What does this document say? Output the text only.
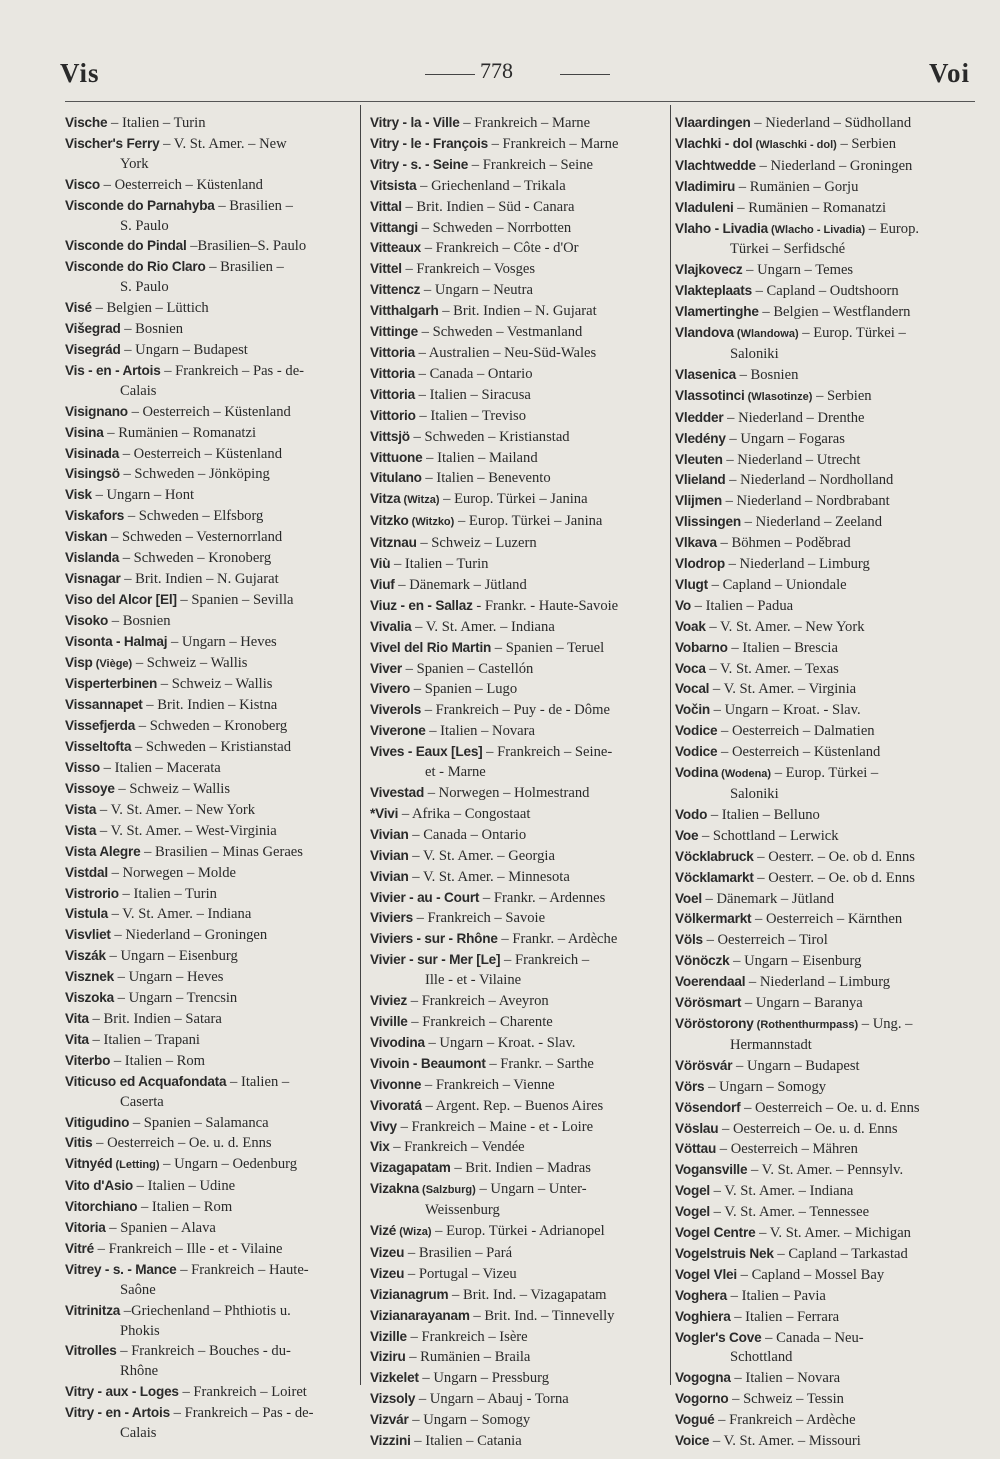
Vis	778	Voi
Vische – Italien – Turin
Vischer's Ferry – V. St. Amer. – New
York
Visco – Oesterreich – Küstenland
Visconde do Parnahyba – Brasilien –
S. Paulo
Visconde do Pindal –Brasilien–S. Paulo
Visconde do Rio Claro – Brasilien –
S. Paulo
Visé – Belgien – Lüttich
Višegrad – Bosnien
Visegrád – Ungarn – Budapest
Vis - en - Artois – Frankreich – Pas - de-
Calais
Visignano – Oesterreich – Küstenland
Visina – Rumänien – Romanatzi
Visinada – Oesterreich – Küstenland
Visingsö – Schweden – Jönköping
Visk – Ungarn – Hont
Viskafors – Schweden – Elfsborg
Viskan – Schweden – Vesternorrland
Vislanda – Schweden – Kronoberg
Visnagar – Brit. Indien – N. Gujarat
Viso del Alcor [El] – Spanien – Sevilla
Visoko – Bosnien
Visonta - Halmaj – Ungarn – Heves
Visp (Viège) – Schweiz – Wallis
Visperterbinen – Schweiz – Wallis
Vissannapet – Brit. Indien – Kistna
Vissefjerda – Schweden – Kronoberg
Visseltofta – Schweden – Kristianstad
Visso – Italien – Macerata
Vissoye – Schweiz – Wallis
Vista – V. St. Amer. – New York
Vista – V. St. Amer. – West-Virginia
Vista Alegre – Brasilien – Minas Geraes
Vistdal – Norwegen – Molde
Vistrorio – Italien – Turin
Vistula – V. St. Amer. – Indiana
Visvliet – Niederland – Groningen
Viszák – Ungarn – Eisenburg
Visznek – Ungarn – Heves
Viszoka – Ungarn – Trencsin
Vita – Brit. Indien – Satara
Vita – Italien – Trapani
Viterbo – Italien – Rom
Viticuso ed Acquafondata – Italien –
Caserta
Vitigudino – Spanien – Salamanca
Vitis – Oesterreich – Oe. u. d. Enns
Vitnyéd (Letting) – Ungarn – Oedenburg
Vito d'Asio – Italien – Udine
Vitorchiano – Italien – Rom
Vitoria – Spanien – Alava
Vitré – Frankreich – Ille - et - Vilaine
Vitrey - s. - Mance – Frankreich – Haute-
Saône
Vitrinitza –Griechenland – Phthiotis u.
Phokis
Vitrolles – Frankreich – Bouches - du-
Rhône
Vitry - aux - Loges – Frankreich – Loiret
Vitry - en - Artois – Frankreich – Pas - de-
Calais
Vitry - la - Ville – Frankreich – Marne
Vitry - le - François – Frankreich – Marne
Vitry - s. - Seine – Frankreich – Seine
Vitsista – Griechenland – Trikala
Vittal – Brit. Indien – Süd - Canara
Vittangi – Schweden – Norrbotten
Vitteaux – Frankreich – Côte - d'Or
Vittel – Frankreich – Vosges
Vittencz – Ungarn – Neutra
Vitthalgarh – Brit. Indien – N. Gujarat
Vittinge – Schweden – Vestmanland
Vittoria – Australien – Neu-Süd-Wales
Vittoria – Canada – Ontario
Vittoria – Italien – Siracusa
Vittorio – Italien – Treviso
Vittsjö – Schweden – Kristianstad
Vittuone – Italien – Mailand
Vitulano – Italien – Benevento
Vitza (Witza) – Europ. Türkei – Janina
Vitzko (Witzko) – Europ. Türkei – Janina
Vitznau – Schweiz – Luzern
Viù – Italien – Turin
Viuf – Dänemark – Jütland
Viuz - en - Sallaz - Frankr. - Haute-Savoie
Vivalia – V. St. Amer. – Indiana
Vivel del Rio Martin – Spanien – Teruel
Viver – Spanien – Castellón
Vivero – Spanien – Lugo
Viverols – Frankreich – Puy - de - Dôme
Viverone – Italien – Novara
Vives - Eaux [Les] – Frankreich – Seine-
et - Marne
Vivestad – Norwegen – Holmestrand
*Vivi – Afrika – Congostaat
Vivian – Canada – Ontario
Vivian – V. St. Amer. – Georgia
Vivian – V. St. Amer. – Minnesota
Vivier - au - Court – Frankr. – Ardennes
Viviers – Frankreich – Savoie
Viviers - sur - Rhône – Frankr. – Ardèche
Vivier - sur - Mer [Le] – Frankreich –
Ille - et - Vilaine
Viviez – Frankreich – Aveyron
Viville – Frankreich – Charente
Vivodina – Ungarn – Kroat. - Slav.
Vivoin - Beaumont – Frankr. – Sarthe
Vivonne – Frankreich – Vienne
Vivoratá – Argent. Rep. – Buenos Aires
Vivy – Frankreich – Maine - et - Loire
Vix – Frankreich – Vendée
Vizagapatam – Brit. Indien – Madras
Vizakna (Salzburg) – Ungarn – Unter-
Weissenburg
Vizé (Wiza) – Europ. Türkei - Adrianopel
Vizeu – Brasilien – Pará
Vizeu – Portugal – Vizeu
Vizianagrum – Brit. Ind. – Vizagapatam
Vizianarayanam – Brit. Ind. – Tinnevelly
Vizille – Frankreich – Isère
Viziru – Rumänien – Braila
Vizkelet – Ungarn – Pressburg
Vizsoly – Ungarn – Abauj - Torna
Vizvár – Ungarn – Somogy
Vizzini – Italien – Catania
Vlaardingen – Niederland – Südholland
Vlachki - dol (Wlaschki - dol) – Serbien
Vlachtwedde – Niederland – Groningen
Vladimiru – Rumänien – Gorju
Vladuleni – Rumänien – Romanatzi
Vlaho - Livadia (Wlacho - Livadia) – Europ.
Türkei – Serfidsché
Vlajkovecz – Ungarn – Temes
Vlakteplaats – Capland – Oudtshoorn
Vlamertinghe – Belgien – Westflandern
Vlandova (Wlandowa) – Europ. Türkei –
Saloniki
Vlasenica – Bosnien
Vlassotinci (Wlasotinze) – Serbien
Vledder – Niederland – Drenthe
Vledény – Ungarn – Fogaras
Vleuten – Niederland – Utrecht
Vlieland – Niederland – Nordholland
Vlijmen – Niederland – Nordbrabant
Vlissingen – Niederland – Zeeland
Vlkava – Böhmen – Poděbrad
Vlodrop – Niederland – Limburg
Vlugt – Capland – Uniondale
Vo – Italien – Padua
Voak – V. St. Amer. – New York
Vobarno – Italien – Brescia
Voca – V. St. Amer. – Texas
Vocal – V. St. Amer. – Virginia
Vočin – Ungarn – Kroat. - Slav.
Vodice – Oesterreich – Dalmatien
Vodice – Oesterreich – Küstenland
Vodina (Wodena) – Europ. Türkei –
Saloniki
Vodo – Italien – Belluno
Voe – Schottland – Lerwick
Vöcklabruck – Oesterr. – Oe. ob d. Enns
Vöcklamarkt – Oesterr. – Oe. ob d. Enns
Voel – Dänemark – Jütland
Völkermarkt – Oesterreich – Kärnthen
Völs – Oesterreich – Tirol
Vönöczk – Ungarn – Eisenburg
Voerendaal – Niederland – Limburg
Vörösmart – Ungarn – Baranya
Vöröstorony (Rothenthurmpass) – Ung. –
Hermannstadt
Vörösvár – Ungarn – Budapest
Vörs – Ungarn – Somogy
Vösendorf – Oesterreich – Oe. u. d. Enns
Vöslau – Oesterreich – Oe. u. d. Enns
Vöttau – Oesterreich – Mähren
Vogansville – V. St. Amer. – Pennsylv.
Vogel – V. St. Amer. – Indiana
Vogel – V. St. Amer. – Tennessee
Vogel Centre – V. St. Amer. – Michigan
Vogelstruis Nek – Capland – Tarkastad
Vogel Vlei – Capland – Mossel Bay
Voghera – Italien – Pavia
Voghiera – Italien – Ferrara
Vogler's Cove – Canada – Neu-
Schottland
Vogogna – Italien – Novara
Vogorno – Schweiz – Tessin
Vogué – Frankreich – Ardèche
Voice – V. St. Amer. – Missouri
